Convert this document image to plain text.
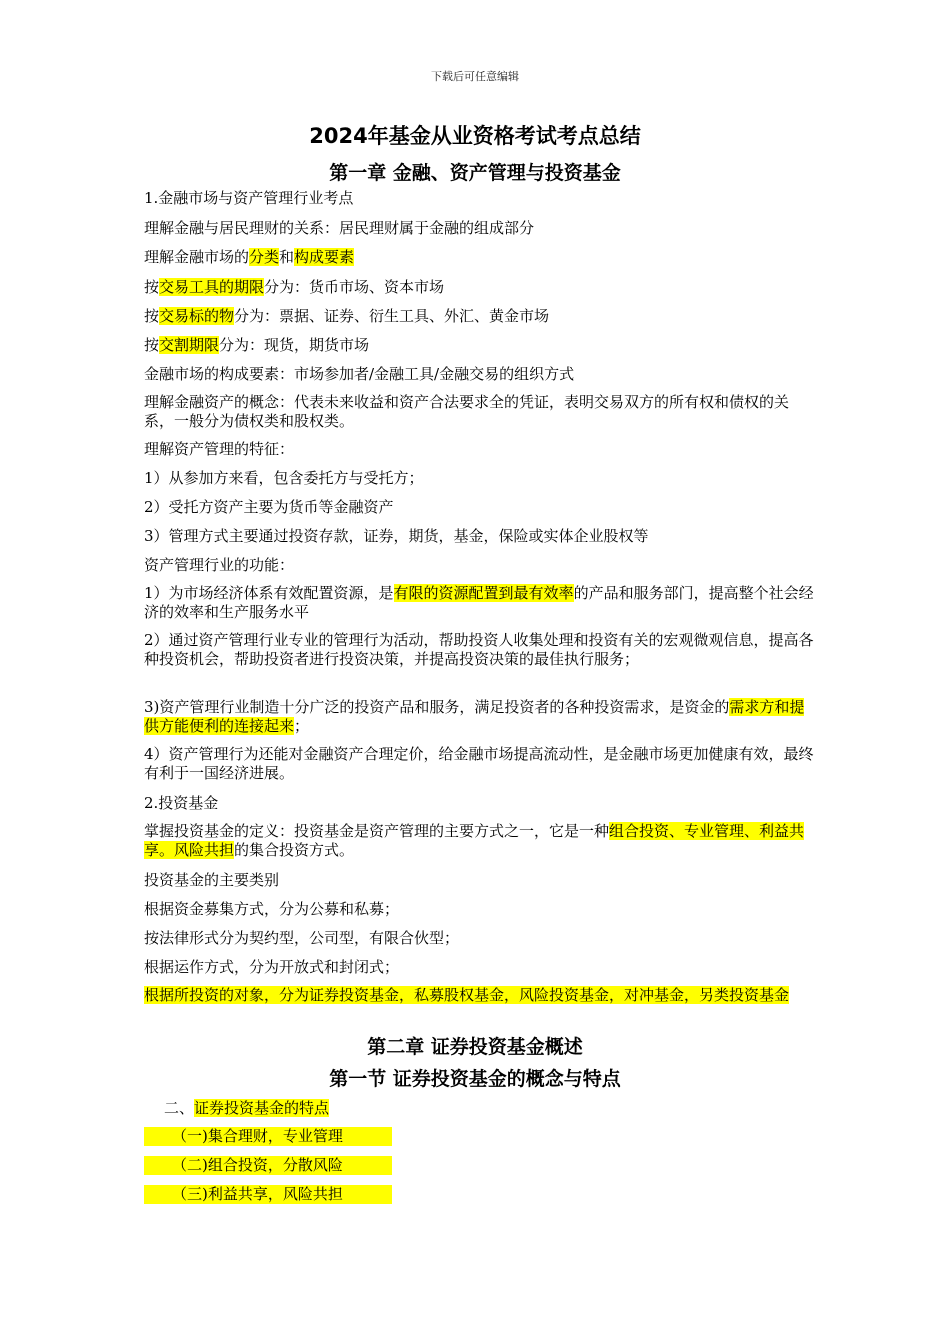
下载后可任意编辑
2024年基金从业资格考试考点总结
第一章 金融、资产管理与投资基金
1.金融市场与资产管理行业考点
理解金融与居民理财的关系：居民理财属于金融的组成部分
理解金融市场的分类和构成要素
按交易工具的期限分为：货币市场、资本市场
按交易标的物分为：票据、证券、衍生工具、外汇、黄金市场
按交割期限分为：现货，期货市场
金融市场的构成要素：市场参加者/金融工具/金融交易的组织方式
理解金融资产的概念：代表未来收益和资产合法要求全的凭证，表明交易双方的所有权和债权的关系，一般分为债权类和股权类。
理解资产管理的特征：
1）从参加方来看，包含委托方与受托方；
2）受托方资产主要为货币等金融资产
3）管理方式主要通过投资存款，证券，期货，基金，保险或实体企业股权等
资产管理行业的功能：
1）为市场经济体系有效配置资源，是有限的资源配置到最有效率的产品和服务部门，提高整个社会经济的效率和生产服务水平
2）通过资产管理行业专业的管理行为活动，帮助投资人收集处理和投资有关的宏观微观信息，提高各种投资机会，帮助投资者进行投资决策，并提高投资决策的最佳执行服务；
3)资产管理行业制造十分广泛的投资产品和服务，满足投资者的各种投资需求，是资金的需求方和提供方能便利的连接起来；
4）资产管理行为还能对金融资产合理定价，给金融市场提高流动性，是金融市场更加健康有效，最终有利于一国经济进展。
2.投资基金
掌握投资基金的定义：投资基金是资产管理的主要方式之一，它是一种组合投资、专业管理、利益共享。风险共担的集合投资方式。
投资基金的主要类别
根据资金募集方式，分为公募和私募；
按法律形式分为契约型，公司型，有限合伙型；
根据运作方式，分为开放式和封闭式；
根据所投资的对象，分为证券投资基金，私募股权基金，风险投资基金，对冲基金，另类投资基金
第二章 证券投资基金概述
第一节 证券投资基金的概念与特点
二、证券投资基金的特点
（一)集合理财，专业管理
（二)组合投资，分散风险
（三)利益共享，风险共担
